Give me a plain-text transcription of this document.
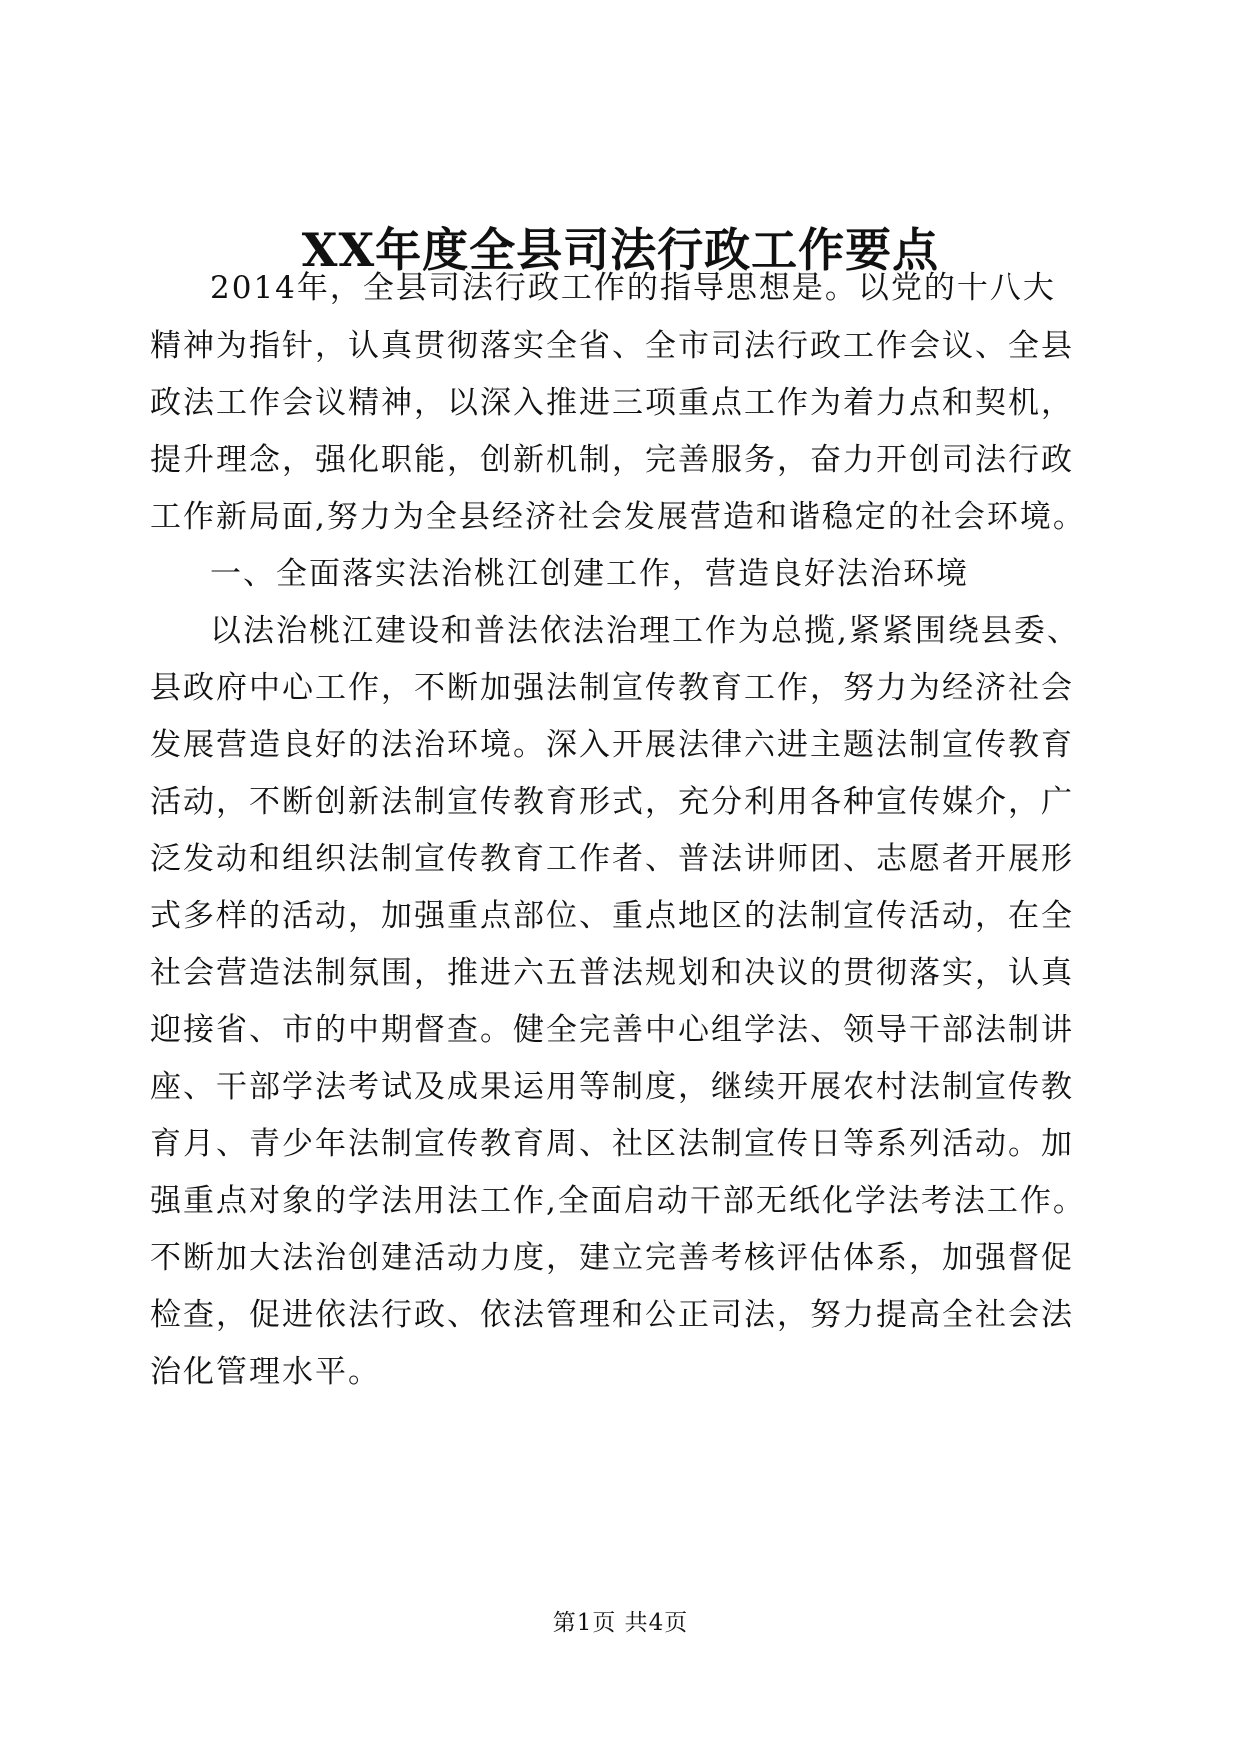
XX年度全县司法行政工作要点
2014年，全县司法行政工作的指导思想是。以党的十八大
精神为指针，认真贯彻落实全省、全市司法行政工作会议、全县
政法工作会议精神，以深入推进三项重点工作为着力点和契机，
提升理念，强化职能，创新机制，完善服务，奋力开创司法行政
工作新局面,努力为全县经济社会发展营造和谐稳定的社会环境。
一、全面落实法治桃江创建工作，营造良好法治环境
以法治桃江建设和普法依法治理工作为总揽,紧紧围绕县委、
县政府中心工作，不断加强法制宣传教育工作，努力为经济社会
发展营造良好的法治环境。深入开展法律六进主题法制宣传教育
活动，不断创新法制宣传教育形式，充分利用各种宣传媒介，广
泛发动和组织法制宣传教育工作者、普法讲师团、志愿者开展形
式多样的活动，加强重点部位、重点地区的法制宣传活动，在全
社会营造法制氛围，推进六五普法规划和决议的贯彻落实，认真
迎接省、市的中期督查。健全完善中心组学法、领导干部法制讲
座、干部学法考试及成果运用等制度，继续开展农村法制宣传教
育月、青少年法制宣传教育周、社区法制宣传日等系列活动。加
强重点对象的学法用法工作,全面启动干部无纸化学法考法工作。
不断加大法治创建活动力度，建立完善考核评估体系，加强督促
检查，促进依法行政、依法管理和公正司法，努力提高全社会法
治化管理水平。
第1页 共4页
